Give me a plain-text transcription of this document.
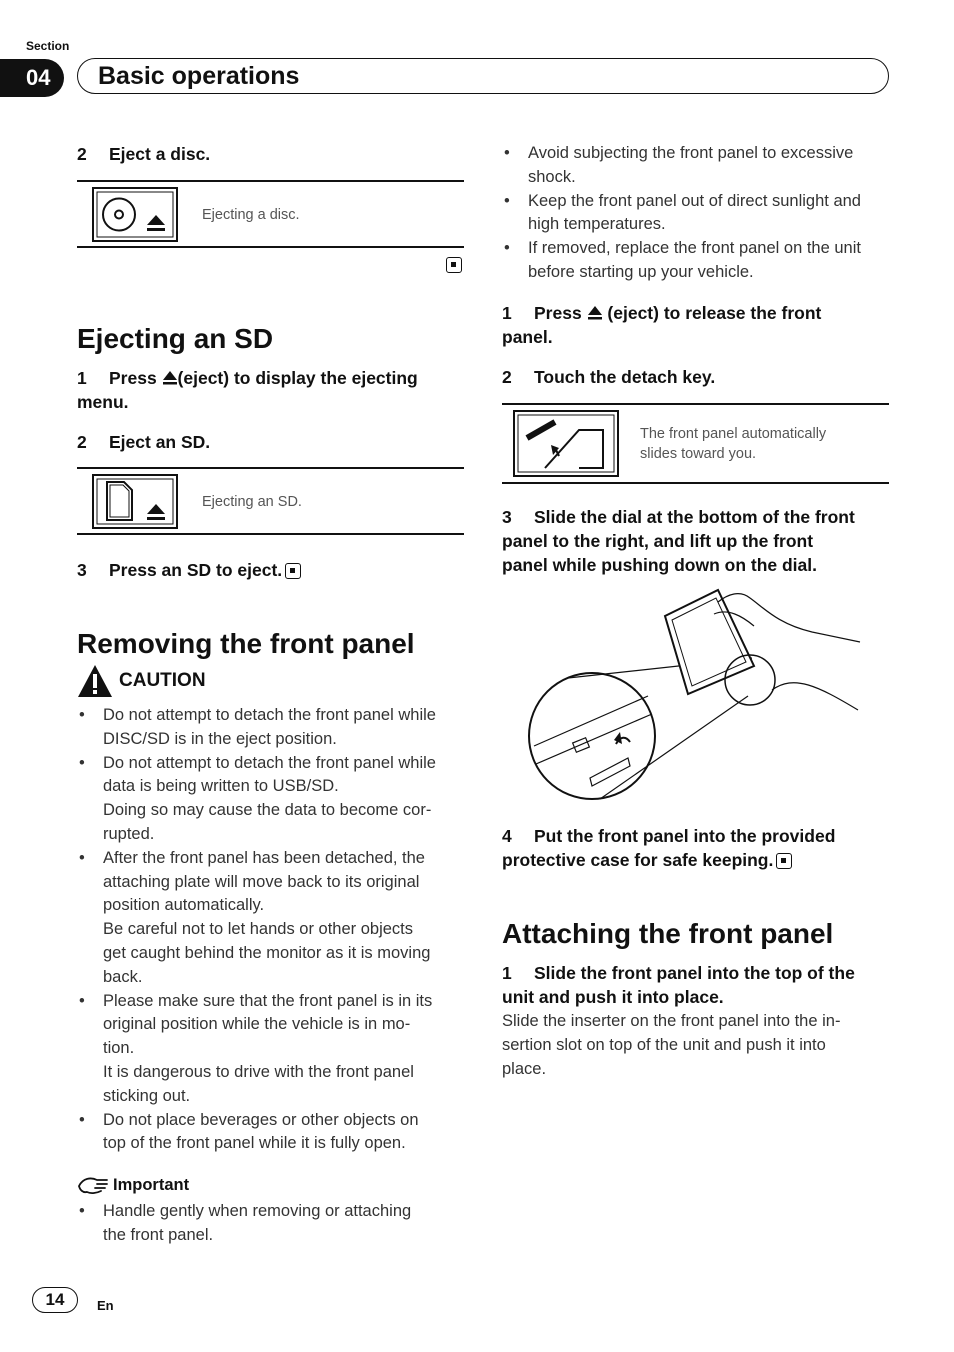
Section
04	Basic operations
2 Eject a disc.
Ejecting a disc.
Ejecting an SD
1 Press (eject) to display the ejecting
menu.
2 Eject an SD.
Ejecting an SD.
3 Press an SD to eject.
Removing the front panel
CAUTION
• Do not attempt to detach the front panel while
DISC/SD is in the eject position.
• Do not attempt to detach the front panel while
data is being written to USB/SD.
Doing so may cause the data to become cor-
rupted.
• After the front panel has been detached, the
attaching plate will move back to its original
position automatically.
Be careful not to let hands or other objects
get caught behind the monitor as it is moving
back.
• Please make sure that the front panel is in its
original position while the vehicle is in mo-
tion.
It is dangerous to drive with the front panel
sticking out.
• Do not place beverages or other objects on
top of the front panel while it is fully open.
Important
• Handle gently when removing or attaching
the front panel.
• Avoid subjecting the front panel to excessive
shock.
• Keep the front panel out of direct sunlight and
high temperatures.
• If removed, replace the front panel on the unit
before starting up your vehicle.
1 Press  (eject) to release the front
panel.
2 Touch the detach key.
The front panel automatically
slides toward you.
3 Slide the dial at the bottom of the front
panel to the right, and lift up the front
panel while pushing down on the dial.
4 Put the front panel into the provided
protective case for safe keeping.
Attaching the front panel
1 Slide the front panel into the top of the
unit and push it into place.
Slide the inserter on the front panel into the in-
sertion slot on top of the unit and push it into
place.
14	En
